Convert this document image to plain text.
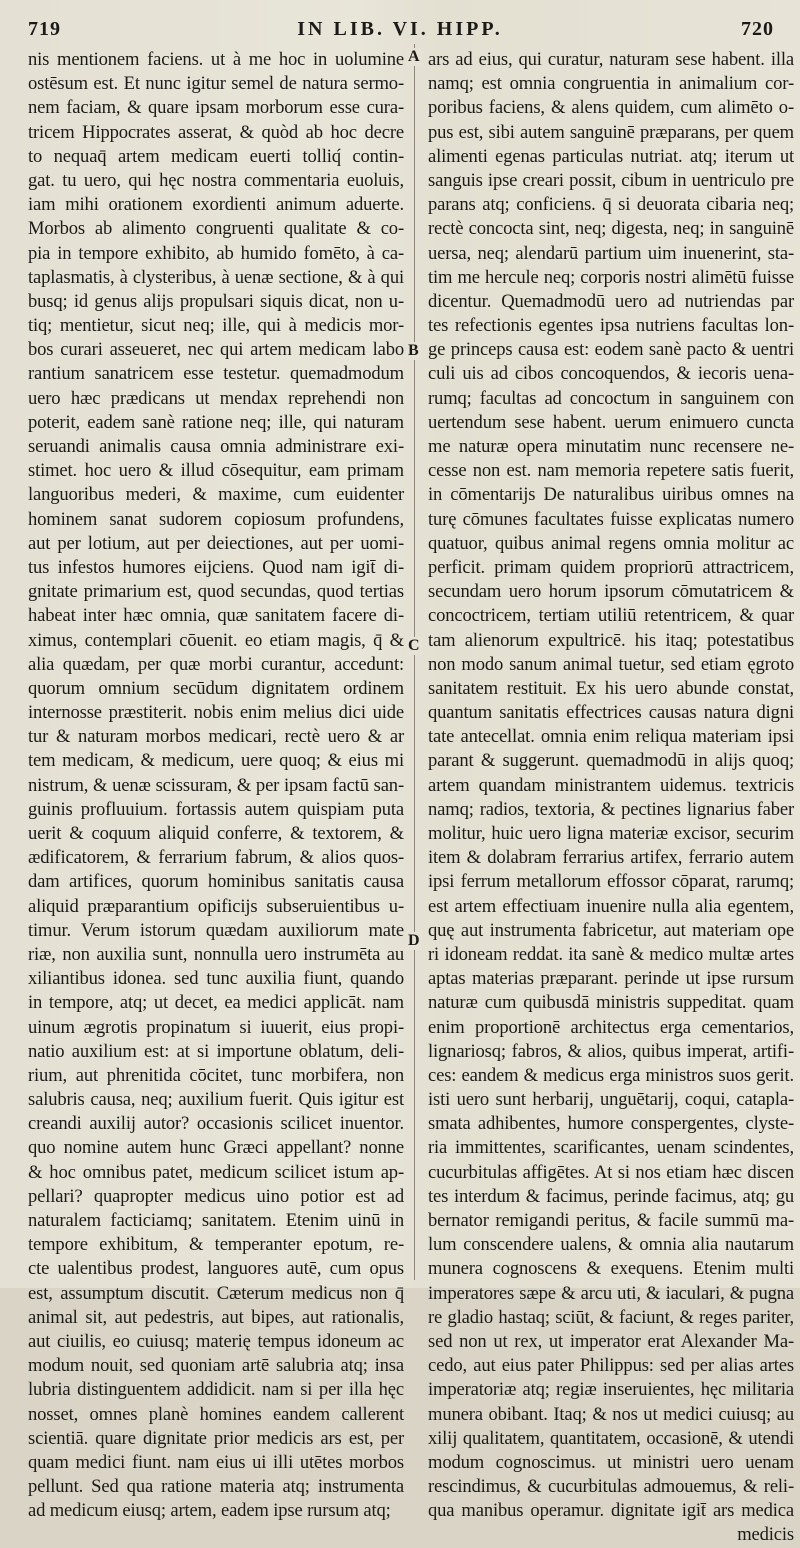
719	IN LIB. VI. HIPP.	720
A
B
C
D

nis mentionem faciens. ut à me hoc in uolumine

ostēsum est. Et nunc igitur semel de natura sermo-

nem faciam, & quare ipsam morborum esse cura-

tricem Hippocrates asserat, & quòd ab hoc decre

to nequaq̄ artem medicam euerti tolliq́ contin-

gat. tu uero, qui hęc nostra commentaria euoluis,

iam mihi orationem exordienti animum aduerte.

Morbos ab alimento congruenti qualitate & co-

pia in tempore exhibito, ab humido fomēto, à ca-

taplasmatis, à clysteribus, à uenæ sectione, & à qui

busq; id genus alijs propulsari siquis dicat, non u-

tiq; mentietur, sicut neq; ille, qui à medicis mor-

bos curari asseueret, nec qui artem medicam labo

rantium sanatricem esse testetur. quemadmodum

uero hæc prædicans ut mendax reprehendi non

poterit, eadem sanè ratione neq; ille, qui naturam

seruandi animalis causa omnia administrare exi-

stimet. hoc uero & illud cōsequitur, eam primam

languoribus mederi, & maxime, cum euidenter

hominem sanat sudorem copiosum profundens,

aut per lotium, aut per deiectiones, aut per uomi-

tus infestos humores eijciens. Quod nam igit̄ di-

gnitate primarium est, quod secundas, quod tertias

habeat inter hæc omnia, quæ sanitatem facere di-

ximus, contemplari cōuenit. eo etiam magis, q̄ &

alia quædam, per quæ morbi curantur, accedunt:

quorum omnium secūdum dignitatem ordinem

internosse præstiterit. nobis enim melius dici uide

tur & naturam morbos medicari, rectè uero & ar

tem medicam, & medicum, uere quoq; & eius mi

nistrum, & uenæ scissuram, & per ipsam factū san-

guinis profluuium. fortassis autem quispiam puta

uerit & coquum aliquid conferre, & textorem, &

ædificatorem, & ferrarium fabrum, & alios quos-

dam artifices, quorum hominibus sanitatis causa

aliquid præparantium opificijs subseruientibus u-

timur. Verum istorum quædam auxiliorum mate

riæ, non auxilia sunt, nonnulla uero instrumēta au

xiliantibus idonea. sed tunc auxilia fiunt, quando

in tempore, atq; ut decet, ea medici applicāt. nam

uinum ægrotis propinatum si iuuerit, eius propi-

natio auxilium est: at si importune oblatum, deli-

rium, aut phrenitida cōcitet, tunc morbifera, non

salubris causa, neq; auxilium fuerit. Quis igitur est

creandi auxilij autor? occasionis scilicet inuentor.

quo nomine autem hunc Græci appellant? nonne

& hoc omnibus patet, medicum scilicet istum ap-

pellari? quapropter medicus uino potior est ad

naturalem facticiamq; sanitatem. Etenim uinū in

tempore exhibitum, & temperanter epotum, re-

cte ualentibus prodest, languores autē, cum opus

est, assumptum discutit. Cæterum medicus non q̄

animal sit, aut pedestris, aut bipes, aut rationalis,

aut ciuilis, eo cuiusq; materię tempus idoneum ac

modum nouit, sed quoniam artē salubria atq; insa

lubria distinguentem addidicit. nam si per illa hęc

nosset, omnes planè homines eandem callerent

scientiā. quare dignitate prior medicis ars est, per

quam medici fiunt. nam eius ui illi utētes morbos

pellunt. Sed qua ratione materia atq; instrumenta

ad medicum eiusq; artem, eadem ipse rursum atq;

ars ad eius, qui curatur, naturam sese habent. illa

namq; est omnia congruentia in animalium cor-

poribus faciens, & alens quidem, cum alimēto o-

pus est, sibi autem sanguinē præparans, per quem

alimenti egenas particulas nutriat. atq; iterum ut

sanguis ipse creari possit, cibum in uentriculo pre

parans atq; conficiens. q̄ si deuorata cibaria neq;

rectè concocta sint, neq; digesta, neq; in sanguinē

uersa, neq; alendarū partium uim inuenerint, sta-

tim me hercule neq; corporis nostri alimētū fuisse

dicentur. Quemadmodū uero ad nutriendas par

tes refectionis egentes ipsa nutriens facultas lon-

ge princeps causa est: eodem sanè pacto & uentri

culi uis ad cibos concoquendos, & iecoris uena-

rumq; facultas ad concoctum in sanguinem con

uertendum sese habent. uerum enimuero cuncta

me naturæ opera minutatim nunc recensere ne-

cesse non est. nam memoria repetere satis fuerit,

in cōmentarijs De naturalibus uiribus omnes na

turę cōmunes facultates fuisse explicatas numero

quatuor, quibus animal regens omnia molitur ac

perficit. primam quidem propriorū attractricem,

secundam uero horum ipsorum cōmutatricem &

concoctricem, tertiam utiliū retentricem, & quar

tam alienorum expultricē. his itaq; potestatibus

non modo sanum animal tuetur, sed etiam ęgroto

sanitatem restituit. Ex his uero abunde constat,

quantum sanitatis effectrices causas natura digni

tate antecellat. omnia enim reliqua materiam ipsi

parant & suggerunt. quemadmodū in alijs quoq;

artem quandam ministrantem uidemus. textricis

namq; radios, textoria, & pectines lignarius faber

molitur, huic uero ligna materiæ excisor, securim

item & dolabram ferrarius artifex, ferrario autem

ipsi ferrum metallorum effossor cōparat, rarumq;

est artem effectiuam inuenire nulla alia egentem,

quę aut instrumenta fabricetur, aut materiam ope

ri idoneam reddat. ita sanè & medico multæ artes

aptas materias præparant. perinde ut ipse rursum

naturæ cum quibusdā ministris suppeditat. quam

enim proportionē architectus erga cementarios,

lignariosq; fabros, & alios, quibus imperat, artifi-

ces: eandem & medicus erga ministros suos gerit.

isti uero sunt herbarij, unguētarij, coqui, catapla-

smata adhibentes, humore conspergentes, clyste-

ria immittentes, scarificantes, uenam scindentes,

cucurbitulas affigētes. At si nos etiam hæc discen

tes interdum & facimus, perinde facimus, atq; gu

bernator remigandi peritus, & facile summū ma-

lum conscendere ualens, & omnia alia nautarum

munera cognoscens & exequens. Etenim multi

imperatores sæpe & arcu uti, & iaculari, & pugna

re gladio hastaq; sciūt, & faciunt, & reges pariter,

sed non ut rex, ut imperator erat Alexander Ma-

cedo, aut eius pater Philippus: sed per alias artes

imperatoriæ atq; regiæ inseruientes, hęc militaria

munera obibant. Itaq; & nos ut medici cuiusq; au

xilij qualitatem, quantitatem, occasionē, & utendi

modum cognoscimus. ut ministri uero uenam

rescindimus, & cucurbitulas admouemus, & reli-

qua manibus operamur. dignitate igit̄ ars medica

medicis
